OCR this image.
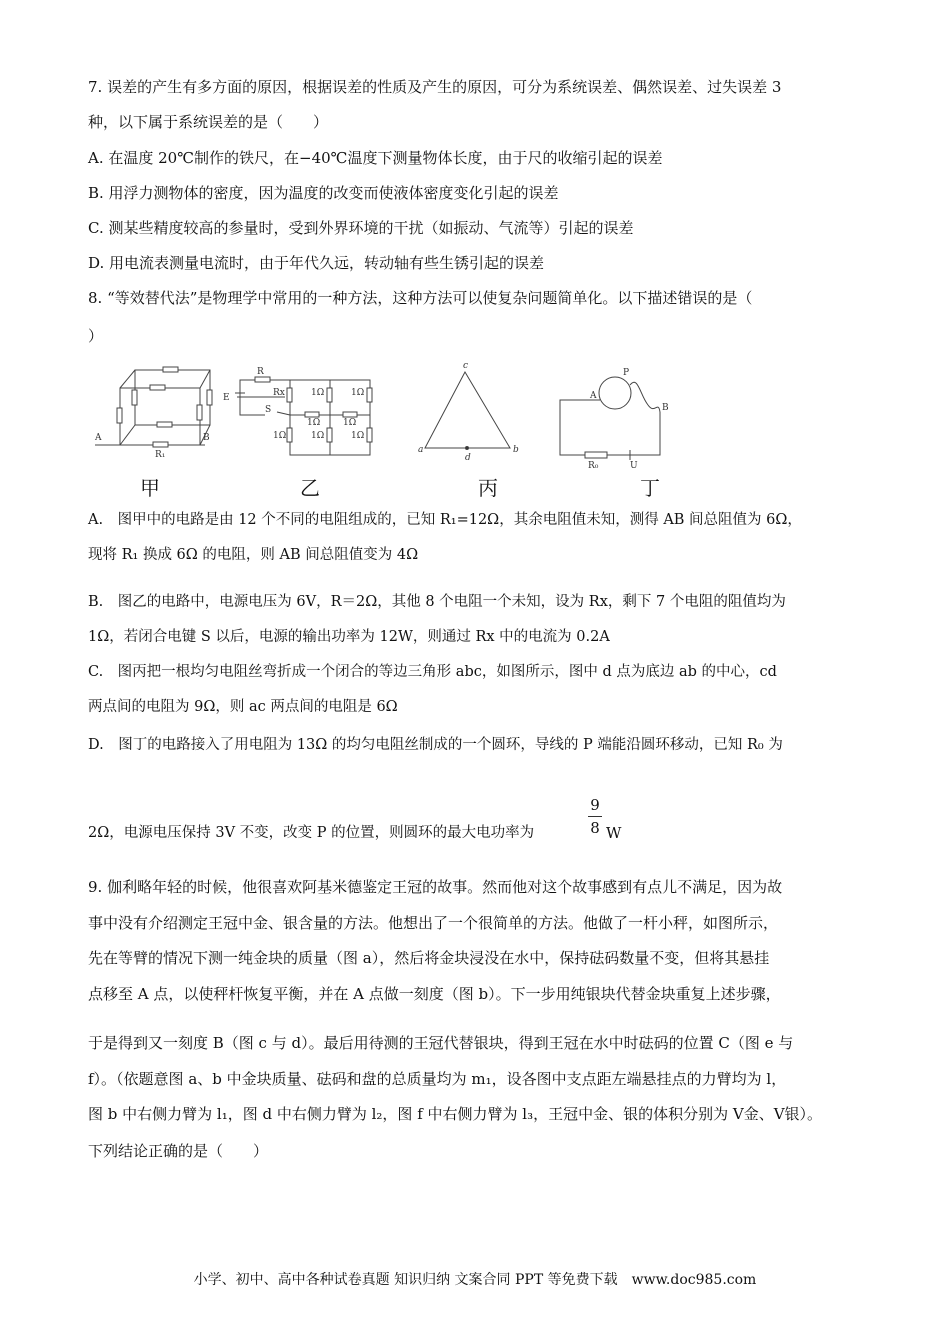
7. 误差的产生有多方面的原因，根据误差的性质及产生的原因，可分为系统误差、偶然误差、过失误差 3
种，以下属于系统误差的是（　　）
A. 在温度 20℃制作的铁尺，在−40℃温度下测量物体长度，由于尺的收缩引起的误差
B. 用浮力测物体的密度，因为温度的改变而使液体密度变化引起的误差
C. 测某些精度较高的参量时，受到外界环境的干扰（如振动、气流等）引起的误差
D. 用电流表测量电流时，由于年代久远，转动轴有些生锈引起的误差
8. “等效替代法”是物理学中常用的一种方法，这种方法可以使复杂问题简单化。以下描述错误的是（
）
A	B
R₁
R
E
S
Rx	1Ω	1Ω
1Ω	1Ω
1Ω	1Ω	1Ω
c
a	b
d
A
B
P
R₀	U
甲	乙	丙	丁
A.　图甲中的电路是由 12 个不同的电阻组成的，已知 R₁=12Ω，其余电阻值未知，测得 AB 间总阻值为 6Ω，
现将 R₁ 换成 6Ω 的电阻，则 AB 间总阻值变为 4Ω
B.　图乙的电路中，电源电压为 6V，R＝2Ω，其他 8 个电阻一个未知，设为 Rx，剩下 7 个电阻的阻值均为
1Ω，若闭合电键 S 以后，电源的输出功率为 12W，则通过 Rx 中的电流为 0.2A
C.　图丙把一根均匀电阻丝弯折成一个闭合的等边三角形 abc，如图所示，图中 d 点为底边 ab 的中心，cd
两点间的电阻为 9Ω，则 ac 两点间的电阻是 6Ω
D.　图丁的电路接入了用电阻为 13Ω 的均匀电阻丝制成的一个圆环，导线的 P 端能沿圆环移动，已知 R₀ 为
2Ω，电源电压保持 3V 不变，改变 P 的位置，则圆环的最大电功率为
9
8 W
9. 伽利略年轻的时候，他很喜欢阿基米德鉴定王冠的故事。然而他对这个故事感到有点儿不满足，因为故
事中没有介绍测定王冠中金、银含量的方法。他想出了一个很简单的方法。他做了一杆小秤，如图所示，
先在等臂的情况下测一纯金块的质量（图 a），然后将金块浸没在水中，保持砝码数量不变，但将其悬挂
点移至 A 点，以使秤杆恢复平衡，并在 A 点做一刻度（图 b）。下一步用纯银块代替金块重复上述步骤，
于是得到又一刻度 B（图 c 与 d）。最后用待测的王冠代替银块，得到王冠在水中时砝码的位置 C（图 e 与
f）。（依题意图 a、b 中金块质量、砝码和盘的总质量均为 m₁，设各图中支点距左端悬挂点的力臂均为 l，
图 b 中右侧力臂为 l₁，图 d 中右侧力臂为 l₂，图 f 中右侧力臂为 l₃，王冠中金、银的体积分别为 V金、V银）。
下列结论正确的是（　　）
小学、初中、高中各种试卷真题 知识归纳 文案合同 PPT 等免费下载　www.doc985.com
